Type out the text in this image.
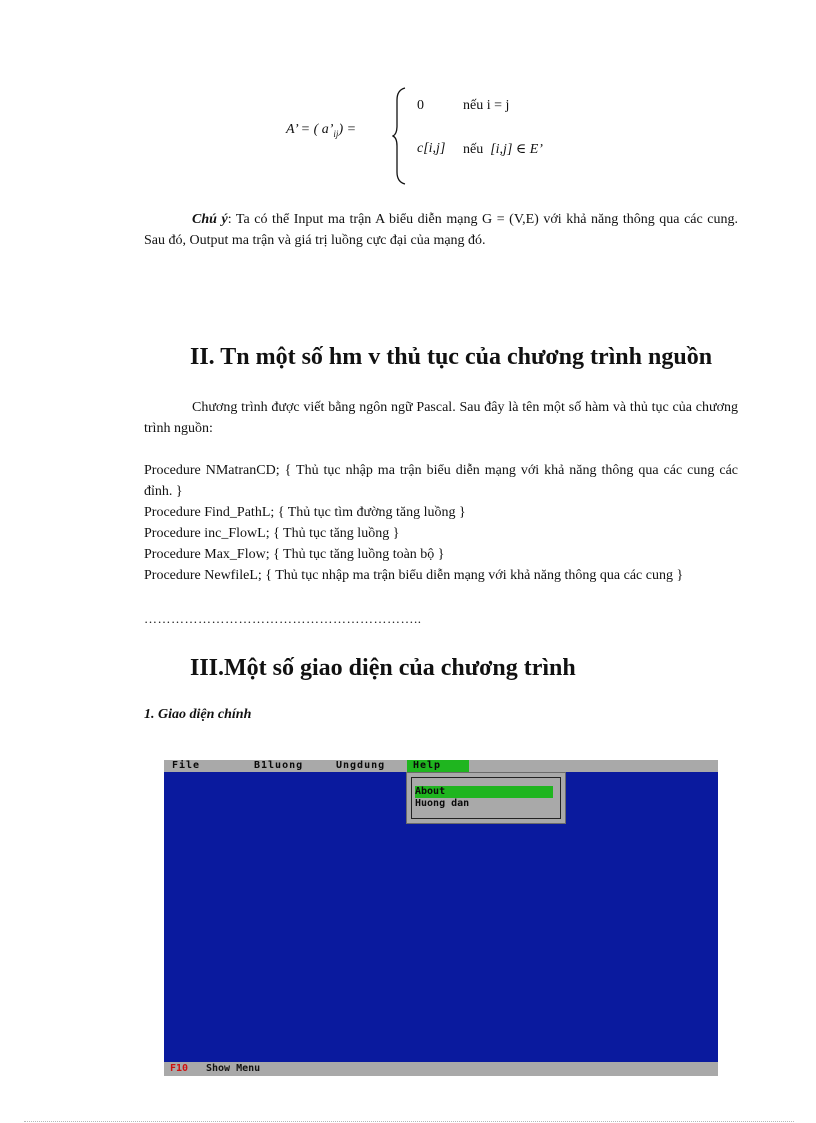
A’ = ( $a’_{ij}$) =
0	nếu i = j
c[i,j] nếu [i,j] ∈ E’
Chú ý: Ta có thể Input ma trận A biểu diễn mạng G = (V,E) với khả năng thông qua các cung. Sau đó, Output ma trận và giá trị luồng cực đại của mạng đó.
II. Tn một số hm v thủ tục của chương trình nguồn
Chương trình được viết bằng ngôn ngữ Pascal. Sau đây là tên một số hàm và thủ tục của chương trình nguồn:
Procedure NMatranCD; { Thủ tục nhập ma trận biểu diễn mạng với khả năng thông qua các cung các đỉnh. }
Procedure Find_PathL; { Thủ tục tìm đường tăng luồng }
Procedure inc_FlowL; { Thủ tục tăng luồng }
Procedure Max_Flow; { Thủ tục tăng luồng toàn bộ }
Procedure NewfileL; { Thủ tục nhập ma trận biểu diễn mạng với khả năng thông qua các cung }
……………………………………………………..
III.Một số giao diện của chương trình
1. Giao diện chính
File	B1luong	Ungdung	Help
About
Huong dan
F10 Show Menu
